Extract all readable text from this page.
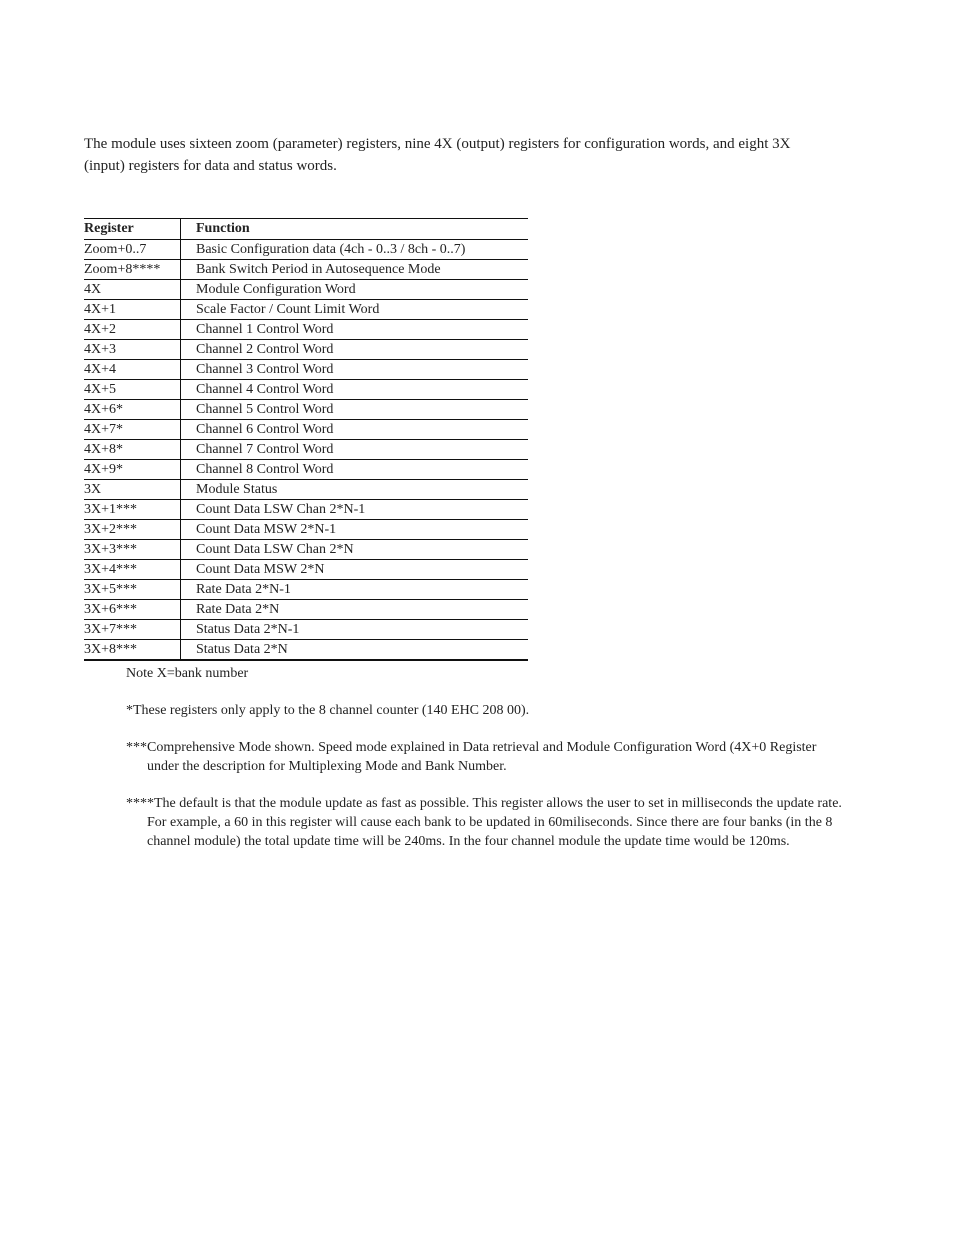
The module uses sixteen zoom (parameter) registers, nine 4X (output) registers for configuration words, and eight 3X (input) registers for data and status words.

Register	Function
Zoom+0..7	Basic Configuration data (4ch - 0..3 / 8ch - 0..7)
Zoom+8****	Bank Switch Period in Autosequence Mode
4X	Module Configuration Word
4X+1	Scale Factor / Count Limit Word
4X+2	Channel 1 Control Word
4X+3	Channel 2 Control Word
4X+4	Channel 3 Control Word
4X+5	Channel 4 Control Word
4X+6*	Channel 5 Control Word
4X+7*	Channel 6 Control Word
4X+8*	Channel 7 Control Word
4X+9*	Channel 8 Control Word
3X	Module Status
3X+1***	Count Data LSW Chan 2*N-1
3X+2***	Count Data MSW 2*N-1
3X+3***	Count Data LSW Chan 2*N
3X+4***	Count Data MSW 2*N
3X+5***	Rate Data 2*N-1
3X+6***	Rate Data 2*N
3X+7***	Status Data 2*N-1
3X+8***	Status Data 2*N

Note X=bank number

*These registers only apply to the 8 channel counter (140 EHC 208 00).

***Comprehensive Mode shown. Speed mode explained in Data retrieval and Module Configuration Word (4X+0 Register under the description for Multiplexing Mode and Bank Number.

****The default is that the module update as fast as possible. This register allows the user to set in milliseconds the update rate. For example, a 60 in this register will cause each bank to be updated in 60miliseconds. Since there are four banks (in the 8 channel module) the total update time will be 240ms. In the four channel module the update time would be 120ms.
